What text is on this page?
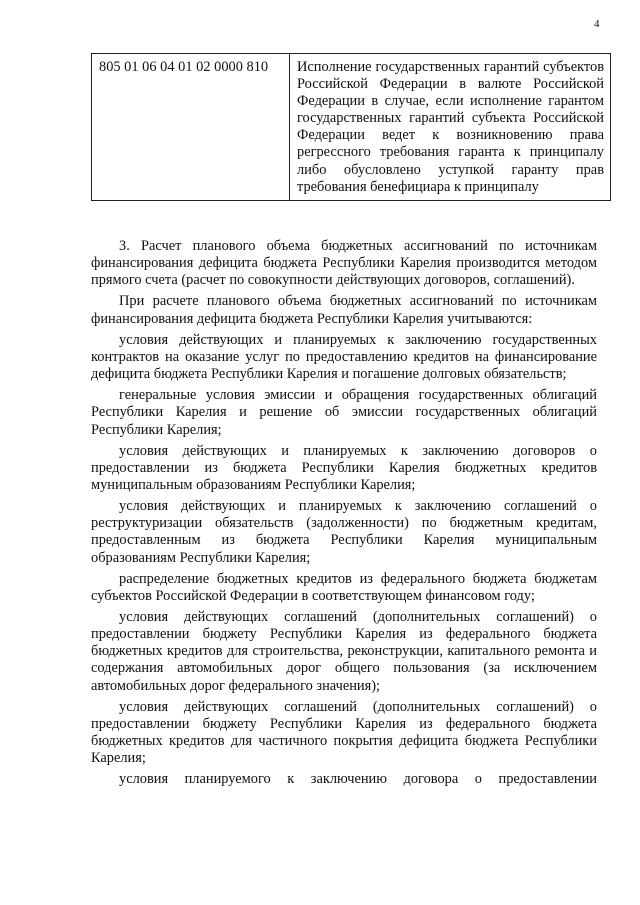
4
805 01 06 04 01 02 0000 810	Исполнение государственных гарантий субъектов Российской Федерации в валюте Российской Федерации в случае, если исполнение гарантом государственных гарантий субъекта Российской Федерации ведет к возникновению права регрессного требования гаранта к принципалу либо обусловлено уступкой гаранту прав требования бенефициара к принципалу

3. Расчет планового объема бюджетных ассигнований по источникам финансирования дефицита бюджета Республики Карелия производится методом прямого счета (расчет по совокупности действующих договоров, соглашений).

При расчете планового объема бюджетных ассигнований по источникам финансирования дефицита бюджета Республики Карелия учитываются:

условия действующих и планируемых к заключению государственных контрактов на оказание услуг по предоставлению кредитов на финансирование дефицита бюджета Республики Карелия и погашение долговых обязательств;

генеральные условия эмиссии и обращения государственных облигаций Республики Карелия и решение об эмиссии государственных облигаций Республики Карелия;

условия действующих и планируемых к заключению договоров о предоставлении из бюджета Республики Карелия бюджетных кредитов муниципальным образованиям Республики Карелия;

условия действующих и планируемых к заключению соглашений о реструктуризации обязательств (задолженности) по бюджетным кредитам, предоставленным из бюджета Республики Карелия муниципальным образованиям Республики Карелия;

распределение бюджетных кредитов из федерального бюджета бюджетам субъектов Российской Федерации в соответствующем финансовом году;

условия действующих соглашений (дополнительных соглашений) о предоставлении бюджету Республики Карелия из федерального бюджета бюджетных кредитов для строительства, реконструкции, капитального ремонта и содержания автомобильных дорог общего пользования (за исключением автомобильных дорог федерального значения);

условия действующих соглашений (дополнительных соглашений) о предоставлении бюджету Республики Карелия из федерального бюджета бюджетных кредитов для частичного покрытия дефицита бюджета Республики Карелия;

условия планируемого к заключению договора о предоставлении
